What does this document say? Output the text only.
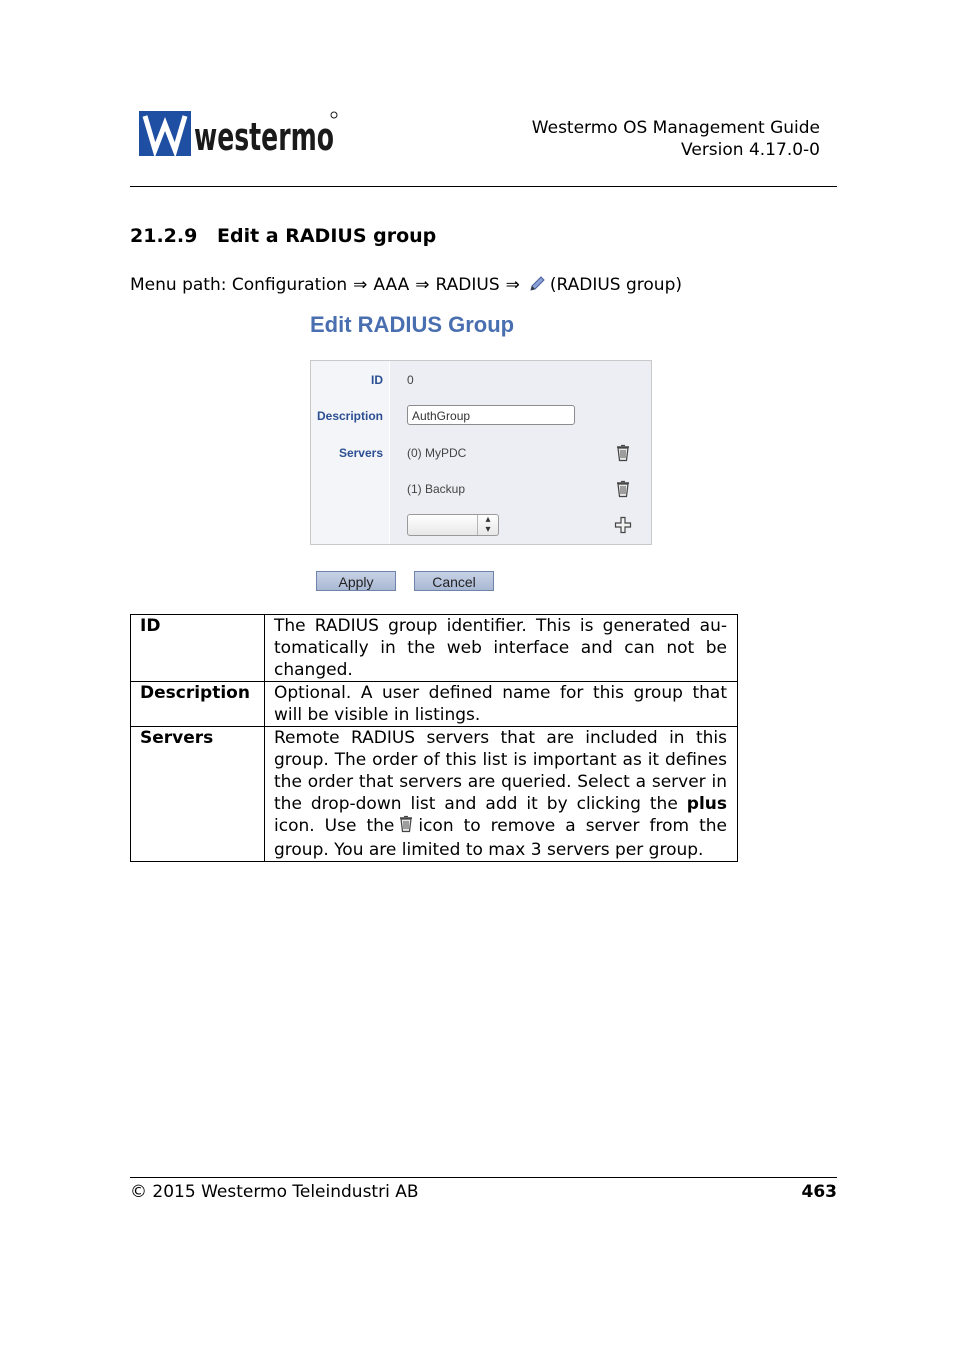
westermo	Westermo OS Management Guide
Version 4.17.0-0
21.2.9 Edit a RADIUS group
Menu path: Configuration ⇒ AAA ⇒ RADIUS ⇒ (RADIUS group)
Edit RADIUS Group
ID 0
Description	AuthGroup
Servers (0) MyPDC
(1) Backup
▴
▾
Apply	Cancel
ID	The RADIUS group identifier. This is generated au-tomatically in the web interface and can not be changed.
Description	Optional. A user defined name for this group that will be visible in listings.
Servers	Remote RADIUS servers that are included in this group. The order of this list is important as it defines the order that servers are queried. Select a server in the drop-down list and add it by clicking the plus icon. Use the icon to remove a server from the group. You are limited to max 3 servers per group.
© 2015 Westermo Teleindustri AB	463
